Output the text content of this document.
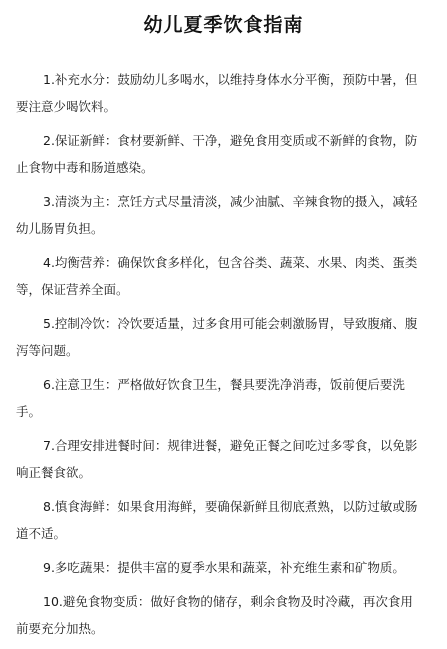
幼儿夏季饮食指南
1.补充水分：鼓励幼儿多喝水，以维持身体水分平衡，预防中暑，但要注意少喝饮料。
2.保证新鲜：食材要新鲜、干净，避免食用变质或不新鲜的食物，防止食物中毒和肠道感染。
3.清淡为主：烹饪方式尽量清淡，减少油腻、辛辣食物的摄入，减轻幼儿肠胃负担。
4.均衡营养：确保饮食多样化，包含谷类、蔬菜、水果、肉类、蛋类等，保证营养全面。
5.控制冷饮：冷饮要适量，过多食用可能会刺激肠胃，导致腹痛、腹泻等问题。
6.注意卫生：严格做好饮食卫生，餐具要洗净消毒，饭前便后要洗手。
7.合理安排进餐时间：规律进餐，避免正餐之间吃过多零食，以免影响正餐食欲。
8.慎食海鲜：如果食用海鲜，要确保新鲜且彻底煮熟，以防过敏或肠道不适。
9.多吃蔬果：提供丰富的夏季水果和蔬菜，补充维生素和矿物质。
10.避免食物变质：做好食物的储存，剩余食物及时冷藏，再次食用前要充分加热。
